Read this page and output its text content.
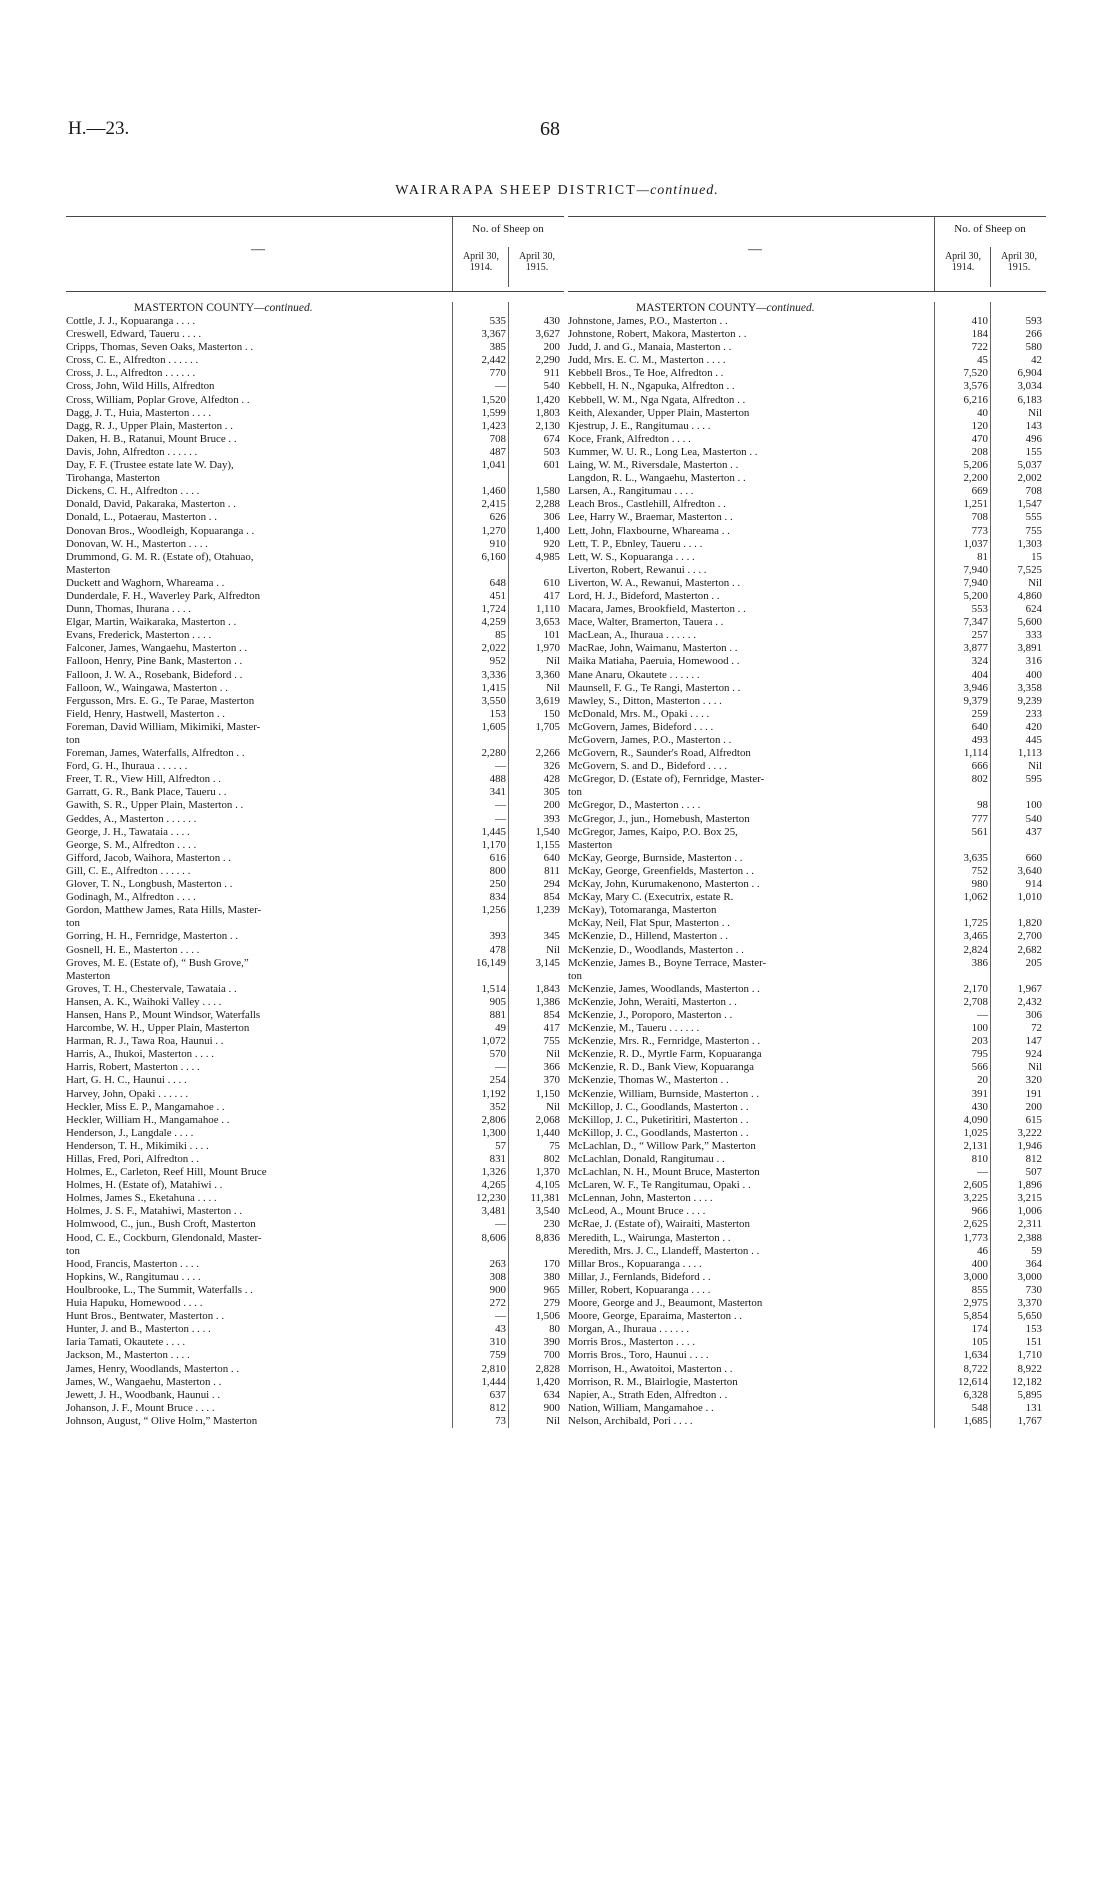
H.—23.	68
WAIRARAPA SHEEP DISTRICT—continued.
—
No. of Sheep on
April 30, 1914.
April 30, 1915.
MASTERTON COUNTY—continued.
Cottle, J. J., Kopuaranga . . . .	535	430
Creswell, Edward, Taueru . . . .	3,367	3,627
Cripps, Thomas, Seven Oaks, Masterton . .	385	200
Cross, C. E., Alfredton . . . . . .	2,442	2,290
Cross, J. L., Alfredton . . . . . .	770	911
Cross, John, Wild Hills, Alfredton	—	540
Cross, William, Poplar Grove, Alfedton . .	1,520	1,420
Dagg, J. T., Huia, Masterton . . . .	1,599	1,803
Dagg, R. J., Upper Plain, Masterton . .	1,423	2,130
Daken, H. B., Ratanui, Mount Bruce . .	708	674
Davis, John, Alfredton . . . . . .	487	503
Day, F. F. (Trustee estate late W. Day),	1,041	601
Tirohanga, Masterton
Dickens, C. H., Alfredton . . . .	1,460	1,580
Donald, David, Pakaraka, Masterton . .	2,415	2,288
Donald, L., Potaerau, Masterton . .	626	306
Donovan Bros., Woodleigh, Kopuaranga . .	1,270	1,400
Donovan, W. H., Masterton . . . .	910	920
Drummond, G. M. R. (Estate of), Otahuao,	6,160	4,985
Masterton
Duckett and Waghorn, Whareama . .	648	610
Dunderdale, F. H., Waverley Park, Alfredton	451	417
Dunn, Thomas, Ihurana . . . .	1,724	1,110
Elgar, Martin, Waikaraka, Masterton . .	4,259	3,653
Evans, Frederick, Masterton . . . .	85	101
Falconer, James, Wangaehu, Masterton . .	2,022	1,970
Falloon, Henry, Pine Bank, Masterton . .	952	Nil
Falloon, J. W. A., Rosebank, Bideford . .	3,336	3,360
Falloon, W., Waingawa, Masterton . .	1,415	Nil
Fergusson, Mrs. E. G., Te Parae, Masterton	3,550	3,619
Field, Henry, Hastwell, Masterton . .	153	150
Foreman, David William, Mikimiki, Master-	1,605	1,705
ton
Foreman, James, Waterfalls, Alfredton . .	2,280	2,266
Ford, G. H., Ihuraua . . . . . .	—	326
Freer, T. R., View Hill, Alfredton . .	488	428
Garratt, G. R., Bank Place, Taueru . .	341	305
Gawith, S. R., Upper Plain, Masterton . .	—	200
Geddes, A., Masterton . . . . . .	—	393
George, J. H., Tawataia . . . .	1,445	1,540
George, S. M., Alfredton . . . .	1,170	1,155
Gifford, Jacob, Waihora, Masterton . .	616	640
Gill, C. E., Alfredton . . . . . .	800	811
Glover, T. N., Longbush, Masterton . .	250	294
Godinagh, M., Alfredton . . . .	834	854
Gordon, Matthew James, Rata Hills, Master-	1,256	1,239
ton
Gorring, H. H., Fernridge, Masterton . .	393	345
Gosnell, H. E., Masterton . . . .	478	Nil
Groves, M. E. (Estate of), “ Bush Grove,”	16,149	3,145
Masterton
Groves, T. H., Chestervale, Tawataia . .	1,514	1,843
Hansen, A. K., Waihoki Valley . . . .	905	1,386
Hansen, Hans P., Mount Windsor, Waterfalls	881	854
Harcombe, W. H., Upper Plain, Masterton	49	417
Harman, R. J., Tawa Roa, Haunui . .	1,072	755
Harris, A., Ihukoi, Masterton . . . .	570	Nil
Harris, Robert, Masterton . . . .	—	366
Hart, G. H. C., Haunui . . . .	254	370
Harvey, John, Opaki . . . . . .	1,192	1,150
Heckler, Miss E. P., Mangamahoe . .	352	Nil
Heckler, William H., Mangamahoe . .	2,806	2,068
Henderson, J., Langdale . . . .	1,300	1,440
Henderson, T. H., Mikimiki . . . .	57	75
Hillas, Fred, Pori, Alfredton . .	831	802
Holmes, E., Carleton, Reef Hill, Mount Bruce	1,326	1,370
Holmes, H. (Estate of), Matahiwi . .	4,265	4,105
Holmes, James S., Eketahuna . . . .	12,230	11,381
Holmes, J. S. F., Matahiwi, Masterton . .	3,481	3,540
Holmwood, C., jun., Bush Croft, Masterton	—	230
Hood, C. E., Cockburn, Glendonald, Master-	8,606	8,836
ton
Hood, Francis, Masterton . . . .	263	170
Hopkins, W., Rangitumau . . . .	308	380
Houlbrooke, L., The Summit, Waterfalls . .	900	965
Huia Hapuku, Homewood . . . .	272	279
Hunt Bros., Bentwater, Masterton . .	—	1,506
Hunter, J. and B., Masterton . . . .	43	80
Iaria Tamati, Okautete . . . .	310	390
Jackson, M., Masterton . . . .	759	700
James, Henry, Woodlands, Masterton . .	2,810	2,828
James, W., Wangaehu, Masterton . .	1,444	1,420
Jewett, J. H., Woodbank, Haunui . .	637	634
Johanson, J. F., Mount Bruce . . . .	812	900
Johnson, August, “ Olive Holm,” Masterton	73	Nil
—
No. of Sheep on
April 30, 1914.
April 30, 1915.
MASTERTON COUNTY—continued.
Johnstone, James, P.O., Masterton . .	410	593
Johnstone, Robert, Makora, Masterton . .	184	266
Judd, J. and G., Manaia, Masterton . .	722	580
Judd, Mrs. E. C. M., Masterton . . . .	45	42
Kebbell Bros., Te Hoe, Alfredton . .	7,520	6,904
Kebbell, H. N., Ngapuka, Alfredton . .	3,576	3,034
Kebbell, W. M., Nga Ngata, Alfredton . .	6,216	6,183
Keith, Alexander, Upper Plain, Masterton	40	Nil
Kjestrup, J. E., Rangitumau . . . .	120	143
Koce, Frank, Alfredton . . . .	470	496
Kummer, W. U. R., Long Lea, Masterton . .	208	155
Laing, W. M., Riversdale, Masterton . .	5,206	5,037
Langdon, R. L., Wangaehu, Masterton . .	2,200	2,002
Larsen, A., Rangitumau . . . .	669	708
Leach Bros., Castlehill, Alfredton . .	1,251	1,547
Lee, Harry W., Braemar, Masterton . .	708	555
Lett, John, Flaxbourne, Whareama . .	773	755
Lett, T. P., Ebnley, Taueru . . . .	1,037	1,303
Lett, W. S., Kopuaranga . . . .	81	15
Liverton, Robert, Rewanui . . . .	7,940	7,525
Liverton, W. A., Rewanui, Masterton . .	7,940	Nil
Lord, H. J., Bideford, Masterton . .	5,200	4,860
Macara, James, Brookfield, Masterton . .	553	624
Mace, Walter, Bramerton, Tauera . .	7,347	5,600
MacLean, A., Ihuraua . . . . . .	257	333
MacRae, John, Waimanu, Masterton . .	3,877	3,891
Maika Matiaha, Paeruia, Homewood . .	324	316
Mane Anaru, Okautete . . . . . .	404	400
Maunsell, F. G., Te Rangi, Masterton . .	3,946	3,358
Mawley, S., Ditton, Masterton . . . .	9,379	9,239
McDonald, Mrs. M., Opaki . . . .	259	233
McGovern, James, Bideford . . . .	640	420
McGovern, James, P.O., Masterton . .	493	445
McGovern, R., Saunder's Road, Alfredton	1,114	1,113
McGovern, S. and D., Bideford . . . .	666	Nil
McGregor, D. (Estate of), Fernridge, Master-	802	595
ton
McGregor, D., Masterton . . . .	98	100
McGregor, J., jun., Homebush, Masterton	777	540
McGregor, James, Kaipo, P.O. Box 25,	561	437
Masterton
McKay, George, Burnside, Masterton . .	3,635	660
McKay, George, Greenfields, Masterton . .	752	3,640
McKay, John, Kurumakenono, Masterton . .	980	914
McKay, Mary C. (Executrix, estate R.	1,062	1,010
McKay), Totomaranga, Masterton
McKay, Neil, Flat Spur, Masterton . .	1,725	1,820
McKenzie, D., Hillend, Masterton . .	3,465	2,700
McKenzie, D., Woodlands, Masterton . .	2,824	2,682
McKenzie, James B., Boyne Terrace, Master-	386	205
ton
McKenzie, James, Woodlands, Masterton . .	2,170	1,967
McKenzie, John, Weraiti, Masterton . .	2,708	2,432
McKenzie, J., Poroporo, Masterton . .	—	306
McKenzie, M., Taueru . . . . . .	100	72
McKenzie, Mrs. R., Fernridge, Masterton . .	203	147
McKenzie, R. D., Myrtle Farm, Kopuaranga	795	924
McKenzie, R. D., Bank View, Kopuaranga	566	Nil
McKenzie, Thomas W., Masterton . .	20	320
McKenzie, William, Burnside, Masterton . .	391	191
McKillop, J. C., Goodlands, Masterton . .	430	200
McKillop, J. C., Puketiritiri, Masterton . .	4,090	615
McKillop, J. C., Goodlands, Masterton . .	1,025	3,222
McLachlan, D., “ Willow Park,” Masterton	2,131	1,946
McLachlan, Donald, Rangitumau . .	810	812
McLachlan, N. H., Mount Bruce, Masterton	—	507
McLaren, W. F., Te Rangitumau, Opaki . .	2,605	1,896
McLennan, John, Masterton . . . .	3,225	3,215
McLeod, A., Mount Bruce . . . .	966	1,006
McRae, J. (Estate of), Wairaiti, Masterton	2,625	2,311
Meredith, L., Wairunga, Masterton . .	1,773	2,388
Meredith, Mrs. J. C., Llandeff, Masterton . .	46	59
Millar Bros., Kopuaranga . . . .	400	364
Millar, J., Fernlands, Bideford . .	3,000	3,000
Miller, Robert, Kopuaranga . . . .	855	730
Moore, George and J., Beaumont, Masterton	2,975	3,370
Moore, George, Eparaima, Masterton . .	5,854	5,650
Morgan, A., Ihuraua . . . . . .	174	153
Morris Bros., Masterton . . . .	105	151
Morris Bros., Toro, Haunui . . . .	1,634	1,710
Morrison, H., Awatoitoi, Masterton . .	8,722	8,922
Morrison, R. M., Blairlogie, Masterton	12,614	12,182
Napier, A., Strath Eden, Alfredton . .	6,328	5,895
Nation, William, Mangamahoe . .	548	131
Nelson, Archibald, Pori . . . .	1,685	1,767
